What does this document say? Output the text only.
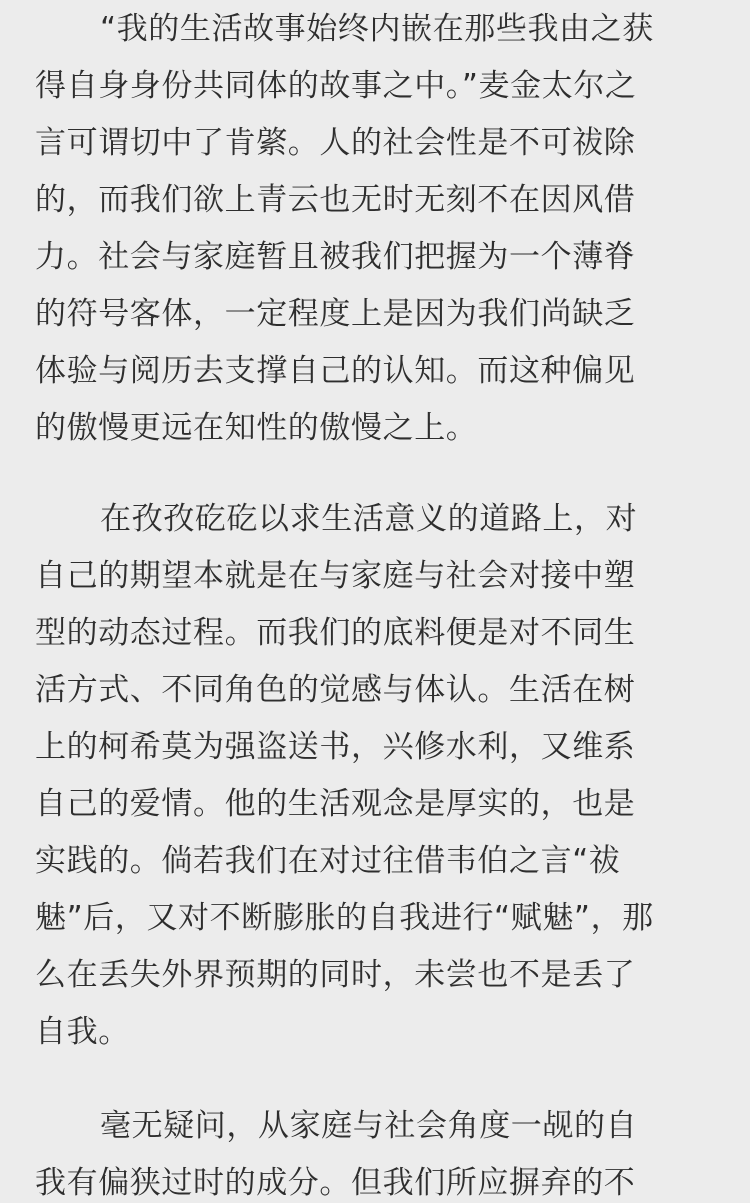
“我的生活故事始终内嵌在那些我由之获
得自身身份共同体的故事之中。”麦金太尔之
言可谓切中了肯綮。人的社会性是不可祓除
的，而我们欲上青云也无时无刻不在因风借
力。社会与家庭暂且被我们把握为一个薄脊
的符号客体，一定程度上是因为我们尚缺乏
体验与阅历去支撑自己的认知。而这种偏见
的傲慢更远在知性的傲慢之上。
在孜孜矻矻以求生活意义的道路上，对
自己的期望本就是在与家庭与社会对接中塑
型的动态过程。而我们的底料便是对不同生
活方式、不同角色的觉感与体认。生活在树
上的柯希莫为强盗送书，兴修水利，又维系
自己的爱情。他的生活观念是厚实的，也是
实践的。倘若我们在对过往借韦伯之言“祓
魅”后，又对不断膨胀的自我进行“赋魅”，那
么在丢失外界预期的同时，未尝也不是丢了
自我。
毫无疑问，从家庭与社会角度一觇的自
我有偏狭过时的成分。但我们所应摒弃的不
